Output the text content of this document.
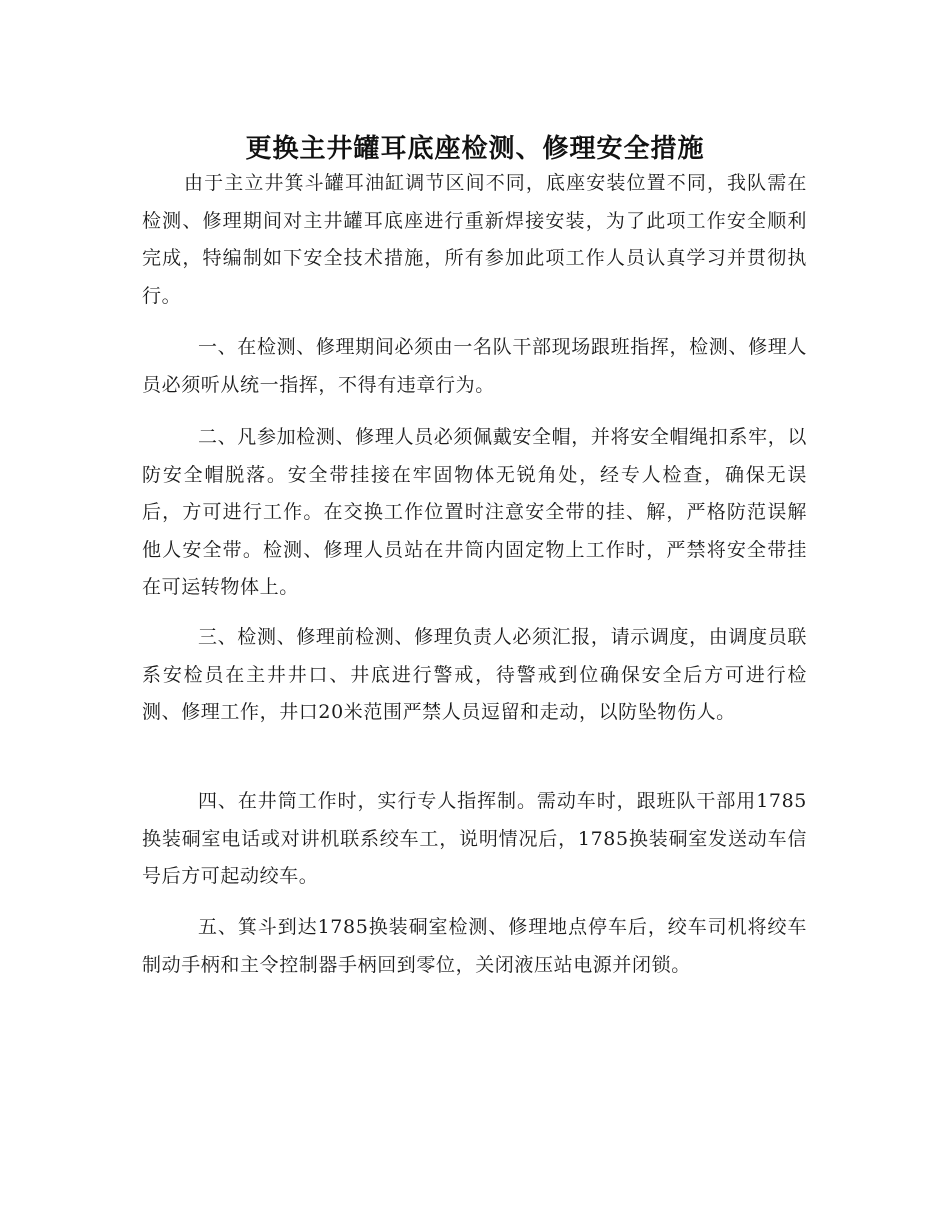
更换主井罐耳底座检测、修理安全措施

由于主立井箕斗罐耳油缸调节区间不同，底座安装位置不同，我队需在检测、修理期间对主井罐耳底座进行重新焊接安装，为了此项工作安全顺利完成，特编制如下安全技术措施，所有参加此项工作人员认真学习并贯彻执行。

一、在检测、修理期间必须由一名队干部现场跟班指挥，检测、修理人员必须听从统一指挥，不得有违章行为。

二、凡参加检测、修理人员必须佩戴安全帽，并将安全帽绳扣系牢，以防安全帽脱落。安全带挂接在牢固物体无锐角处，经专人检查，确保无误后，方可进行工作。在交换工作位置时注意安全带的挂、解，严格防范误解他人安全带。检测、修理人员站在井筒内固定物上工作时，严禁将安全带挂在可运转物体上。

三、检测、修理前检测、修理负责人必须汇报，请示调度，由调度员联系安检员在主井井口、井底进行警戒，待警戒到位确保安全后方可进行检测、修理工作，井口20米范围严禁人员逗留和走动，以防坠物伤人。

四、在井筒工作时，实行专人指挥制。需动车时，跟班队干部用1785换装硐室电话或对讲机联系绞车工，说明情况后，1785换装硐室发送动车信号后方可起动绞车。

五、箕斗到达1785换装硐室检测、修理地点停车后，绞车司机将绞车制动手柄和主令控制器手柄回到零位，关闭液压站电源并闭锁。
